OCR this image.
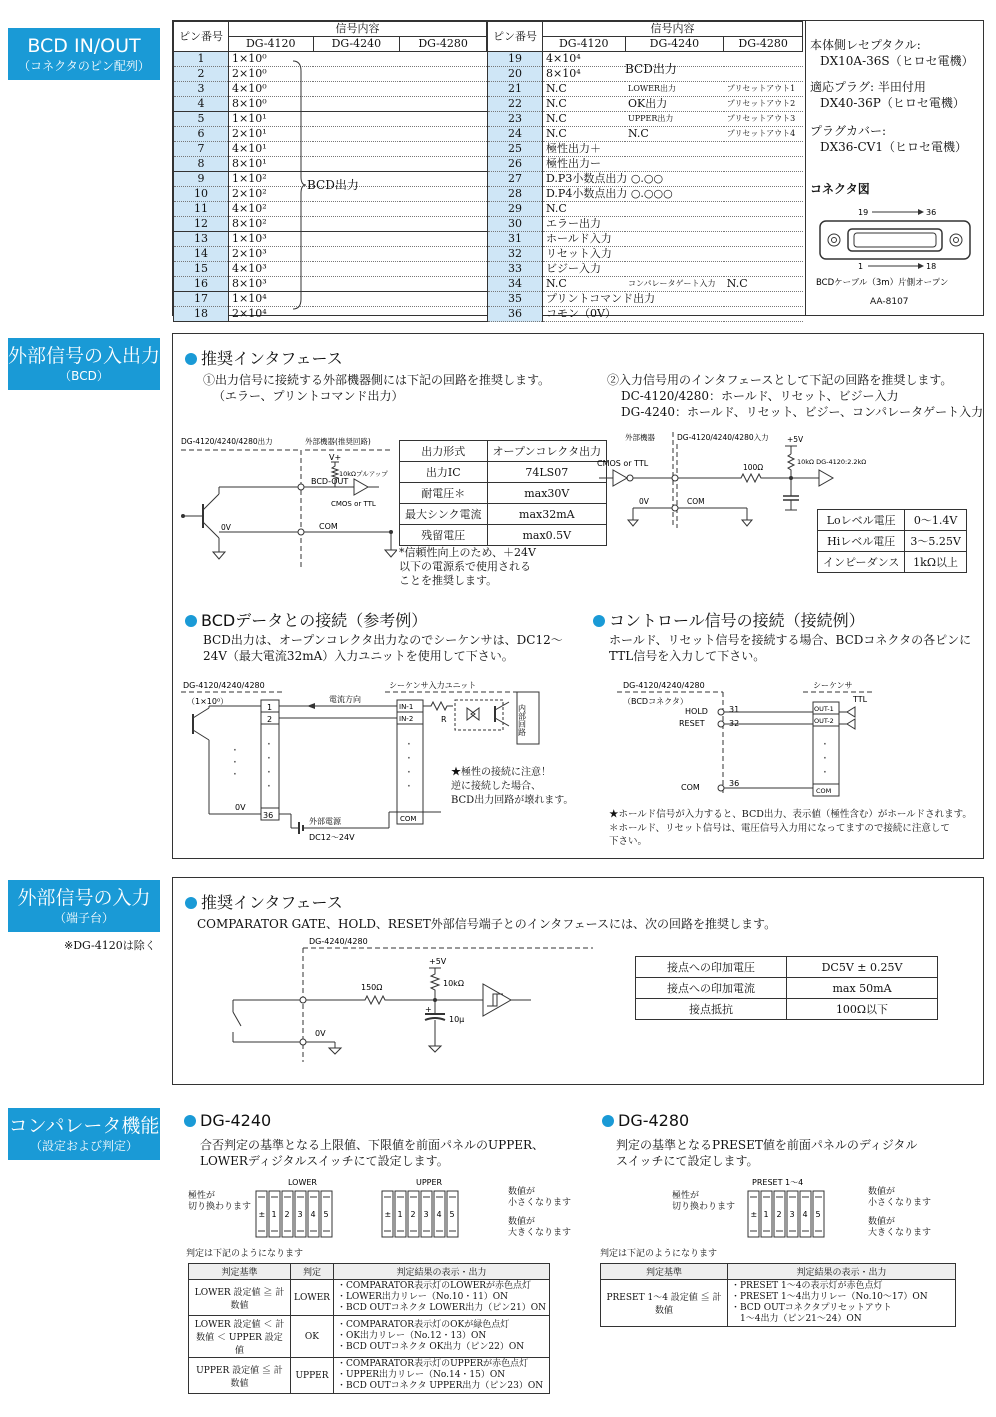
BCD IN/OUT
（コネクタのピン配列）
ピン番号	信号内容		
	DG-4120	DG-4240	DG-4280
1	1×10⁰		
2	2×10⁰		
3	4×10⁰		
4	8×10⁰		
5	1×10¹		
6	2×10¹		
7	4×10¹		
8	8×10¹		
9	1×10²		
10	2×10²		
11	4×10²		
12	8×10²		
13	1×10³		
14	2×10³		
15	4×10³		
16	8×10³		
17	1×10⁴		
18	2×10⁴		
BCD出力
ピン番号	信号内容		
	DG-4120	DG-4240	DG-4280
19	4×10⁴		
20	8×10⁴		
21	N.C	LOWER出力	プリセットアウト1
22	N.C	OK出力	プリセットアウト2
23	N.C	UPPER出力	プリセットアウト3
24	N.C	N.C	プリセットアウト4
25	極性出力＋		
26	極性出力ー		
27	D.P3小数点出力 ○.○○		
28	D.P4小数点出力 ○.○○○		
29	N.C		
30	エラー出力		
31	ホールド入力		
32	リセット入力		
33	ビジー入力		
34	N.C	コンパレータゲート入力	N.C
35	プリントコマンド出力		
36	コモン（0V）		
BCD出力
本体側レセプタクル:
DX10A-36S（ヒロセ電機）
適応プラグ: 半田付用
DX40-36P（ヒロセ電機）
プラグカバー:
DX36-CV1（ヒロセ電機）
コネクタ図
19	36
1	18
BCDケーブル（3m）片側オープン
AA-8107
外部信号の入出力
（BCD）
推奨インタフェース
①出力信号に接続する外部機器側には下記の回路を推奨します。
（エラー、プリントコマンド出力）
②入力信号用のインタフェースとして下記の回路を推奨します。
DC-4120/4280：ホールド、リセット、ビジー入力
DG-4240：ホールド、リセット、ビジー、コンパレータゲート入力
DG-4120/4240/4280出力	外部機器(推奨回路)
0V
BCD-OUT
COM
V+
10kΩプルアップ
CMOS or TTL
出力形式	オープンコレクタ出力
出力IC	74LS07
耐電圧＊	max30V
最大シンク電流	max32mA
残留電圧	max0.5V
*信頼性向上のため、＋24V
以下の電源系で使用される
ことを推奨します。
外部機器	DG-4120/4240/4280入力 +5V
CMOS or TTL	100Ω
10kΩ DG-4120:2.2kΩ
0V	COM
Loレベル電圧	0～1.4V
Hiレベル電圧	3～5.25V
インピーダンス	1kΩ以上
BCDデータとの接続（参考例）
BCD出力は、オープンコレクタ出力なのでシーケンサは、DC12～
24V（最大電流32mA）入力ユニットを使用して下さい。
コントロール信号の接続（接続例）
ホールド、リセット信号を接続する場合、BCDコネクタの各ピンに
TTL信号を入力して下さい。
DG-4120/4240/4280
（1×10⁰）
1
2
36
0V
·
·
·
·
·
·
·
電流方向
シーケンサ入力ユニット
IN-1
IN-2
COM
·
·
·
·
R	内部回路
外部電源
DC12～24V
★極性の接続に注意！
逆に接続した場合、
BCD出力回路が壊れます。
DG-4120/4240/4280
（BCDコネクタ）
HOLD
RESET
31
32
COM	36
シーケンサ
OUT-1
OUT-2
COM
TTL
·
·
·
★ホールド信号が入力すると、BCD出力、表示値（極性含む）がホールドされます。
＊ホールド、リセット信号は、電圧信号入力用になってますので接続に注意して
下さい。
外部信号の入力
（端子台）
※DG-4120は除く
推奨インタフェース
COMPARATOR GATE、HOLD、RESET外部信号端子とのインタフェースには、次の回路を推奨します。
DG-4240/4280
150Ω
+5V
10kΩ
+
10μ
0V
接点への印加電圧	DC5V ± 0.25V
接点への印加電流	max 50mA
接点抵抗	100Ω以下
コンパレータ機能
（設定および判定）
DG-4240
合否判定の基準となる上限値、下限値を前面パネルのUPPER、
LOWERディジタルスイッチにて設定します。
LOWER	UPPER
± 1 2 3 4 5	± 1 2 3 4 5
極性が
切り換わります
数値が
小さくなります
数値が
大きくなります
判定は下記のようになります
判定基準	判定	判定結果の表示・出力
LOWER 設定値 ≧ 計数値	LOWER	・COMPARATOR表示灯のLOWERが赤色点灯
・LOWER出力リレー（No.10・11）ON
・BCD OUTコネクタ LOWER出力（ピン21）ON
LOWER 設定値 ＜ 計数値 ＜ UPPER 設定値	OK	・COMPARATOR表示灯のOKが緑色点灯
・OK出力リレー（No.12・13）ON
・BCD OUTコネクタ OK出力（ピン22）ON
UPPER 設定値 ≦ 計数値	UPPER	・COMPARATOR表示灯のUPPERが赤色点灯
・UPPER出力リレー（No.14・15）ON
・BCD OUTコネクタ UPPER出力（ピン23）ON
DG-4280
判定の基準となるPRESET値を前面パネルのディジタル
スイッチにて設定します。
PRESET 1～4
± 1 2 3 4 5
極性が
切り換わります
数値が
小さくなります
数値が
大きくなります
判定は下記のようになります
判定基準	判定結果の表示・出力
PRESET 1～4 設定値 ≦ 計数値	・PRESET 1～4の表示灯が赤色点灯
・PRESET 1～4出力リレー（No.10～17）ON
・BCD OUTコネクタプリセットアウト
　1～4出力（ピン21～24）ON
